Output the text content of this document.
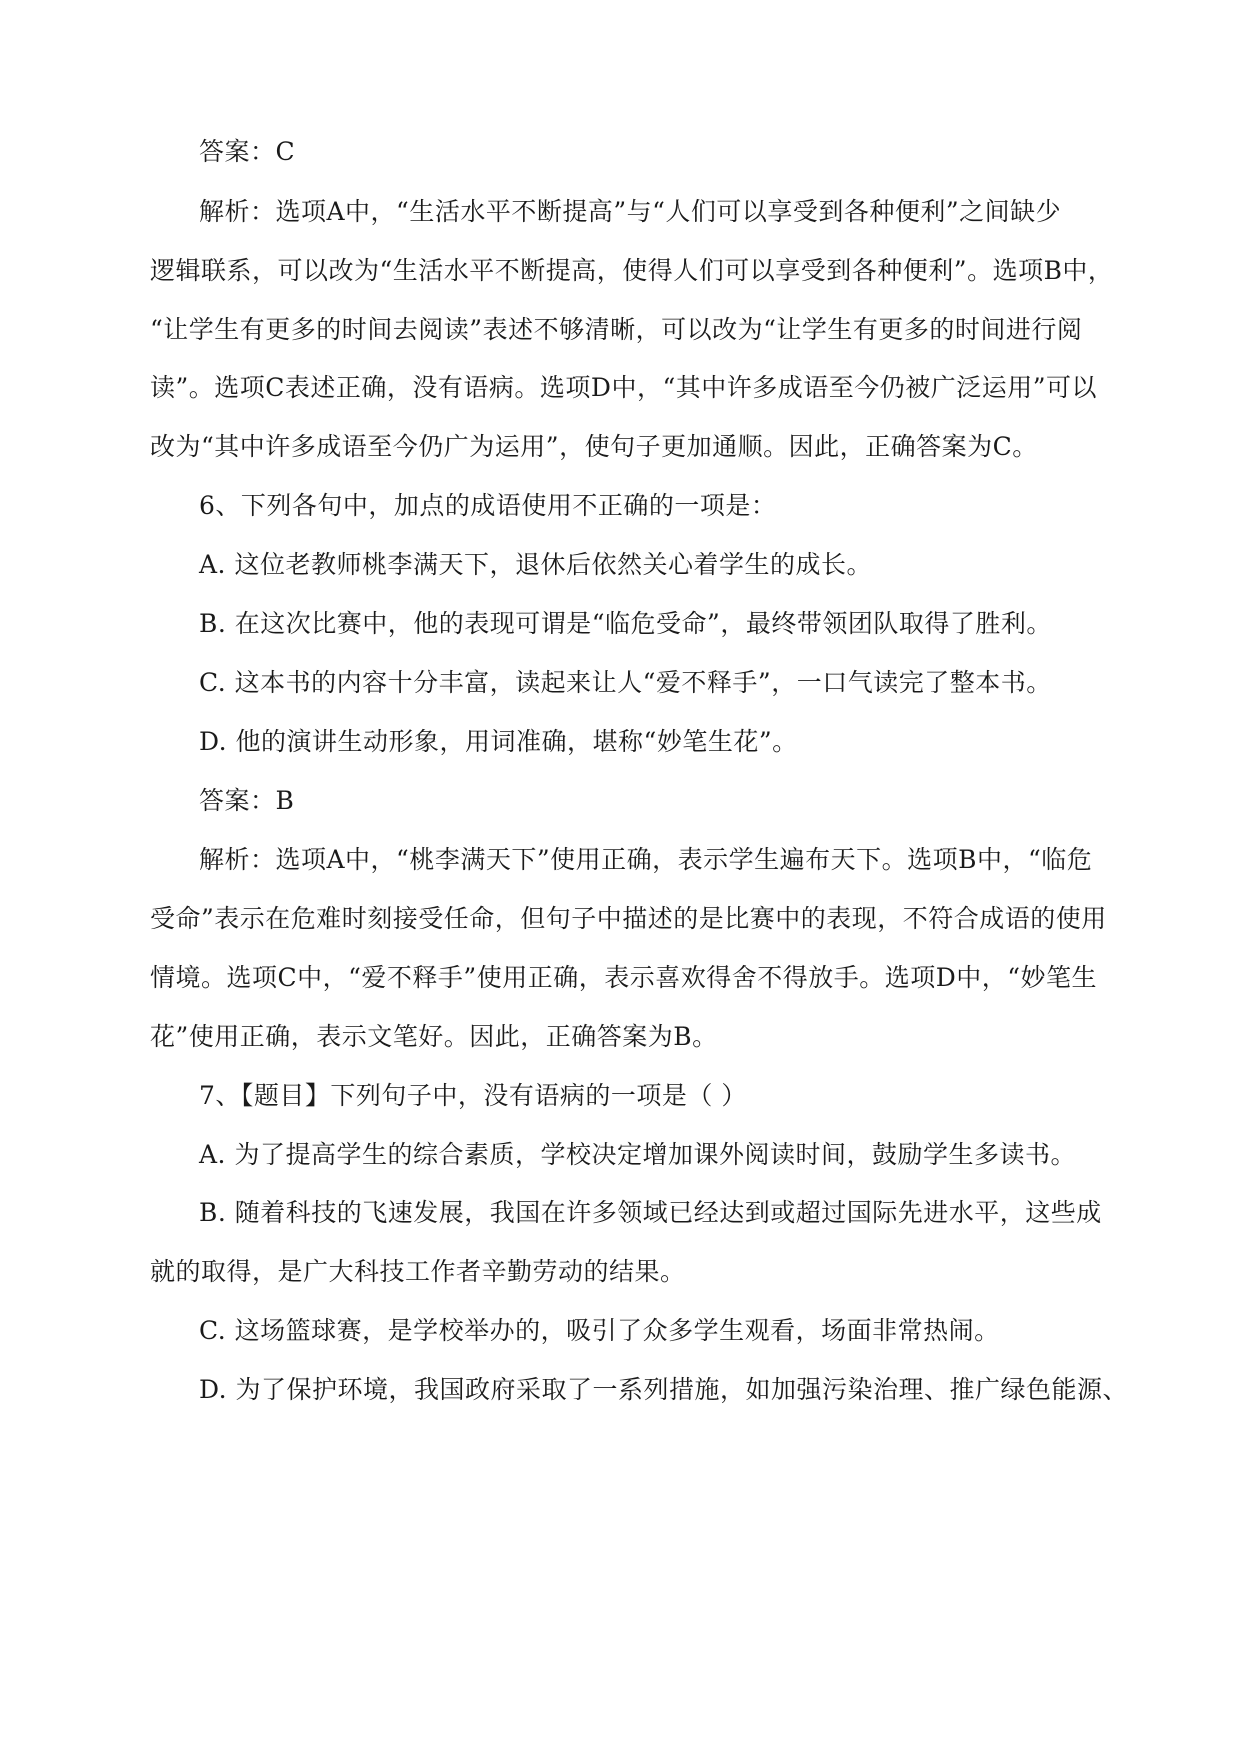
答案：C
解析：选项A中，“生活水平不断提高”与“人们可以享受到各种便利”之间缺少
逻辑联系，可以改为“生活水平不断提高，使得人们可以享受到各种便利”。选项B中，
“让学生有更多的时间去阅读”表述不够清晰，可以改为“让学生有更多的时间进行阅
读”。选项C表述正确，没有语病。选项D中，“其中许多成语至今仍被广泛运用”可以
改为“其中许多成语至今仍广为运用”，使句子更加通顺。因此，正确答案为C。
6、下列各句中，加点的成语使用不正确的一项是：
A. 这位老教师桃李满天下，退休后依然关心着学生的成长。
B. 在这次比赛中，他的表现可谓是“临危受命”，最终带领团队取得了胜利。
C. 这本书的内容十分丰富，读起来让人“爱不释手”，一口气读完了整本书。
D. 他的演讲生动形象，用词准确，堪称“妙笔生花”。
答案：B
解析：选项A中，“桃李满天下”使用正确，表示学生遍布天下。选项B中，“临危
受命”表示在危难时刻接受任命，但句子中描述的是比赛中的表现，不符合成语的使用
情境。选项C中，“爱不释手”使用正确，表示喜欢得舍不得放手。选项D中，“妙笔生
花”使用正确，表示文笔好。因此，正确答案为B。
7、【题目】下列句子中，没有语病的一项是（ ）
A. 为了提高学生的综合素质，学校决定增加课外阅读时间，鼓励学生多读书。
B. 随着科技的飞速发展，我国在许多领域已经达到或超过国际先进水平，这些成
就的取得，是广大科技工作者辛勤劳动的结果。
C. 这场篮球赛，是学校举办的，吸引了众多学生观看，场面非常热闹。
D. 为了保护环境，我国政府采取了一系列措施，如加强污染治理、推广绿色能源、
